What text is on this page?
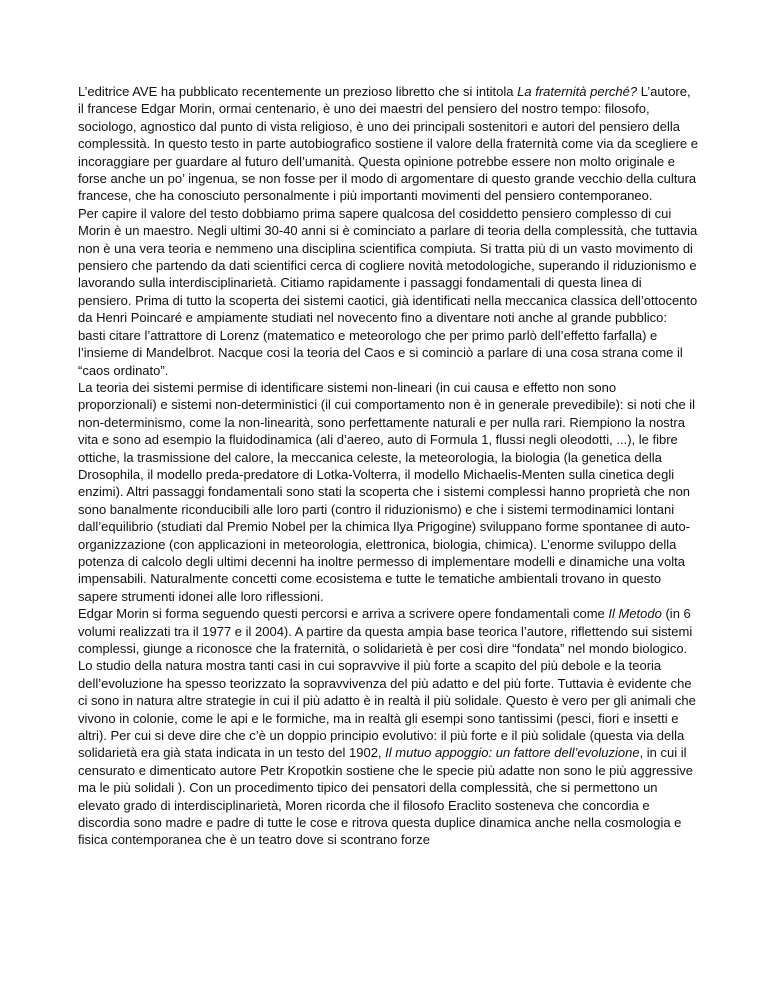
L’editrice AVE ha pubblicato recentemente un prezioso libretto che si intitola La fraternità perché? L’autore, il francese Edgar Morin, ormai centenario, è uno dei maestri del pensiero del nostro tempo: filosofo, sociologo, agnostico dal punto di vista religioso, è uno dei principali sostenitori e autori del pensiero della complessità. In questo testo in parte autobiografico sostiene il valore della fraternità come via da scegliere e incoraggiare per guardare al futuro dell’umanità. Questa opinione potrebbe essere non molto originale e forse anche un po’ ingenua, se non fosse per il modo di argomentare di questo grande vecchio della cultura francese, che ha conosciuto personalmente i più importanti movimenti del pensiero contemporaneo.

Per capire il valore del testo dobbiamo prima sapere qualcosa del cosiddetto pensiero complesso di cui Morin è un maestro. Negli ultimi 30-40 anni si è cominciato a parlare di teoria della complessità, che tuttavia non è una vera teoria e nemmeno una disciplina scientifica compiuta. Si tratta più di un vasto movimento di pensiero che partendo da dati scientifici cerca di cogliere novità metodologiche, superando il riduzionismo e lavorando sulla interdisciplinarietà. Citiamo rapidamente i passaggi fondamentali di questa linea di pensiero. Prima di tutto la scoperta dei sistemi caotici, già identificati nella meccanica classica dell’ottocento da Henri Poincaré e ampiamente studiati nel novecento fino a diventare noti anche al grande pubblico: basti citare l’attrattore di Lorenz (matematico e meteorologo che per primo parlò dell’effetto farfalla) e l’insieme di Mandelbrot. Nacque cosi la teoria del Caos e si cominciò a parlare di una cosa strana come il “caos ordinato”.

La teoria dei sistemi permise di identificare sistemi non-lineari (in cui causa e effetto non sono proporzionali) e sistemi non-deterministici (il cui comportamento non è in generale prevedibile): si noti che il non-determinismo, come la non-linearità, sono perfettamente naturali e per nulla rari. Riempiono la nostra vita e sono ad esempio la fluidodinamica (ali d’aereo, auto di Formula 1, flussi negli oleodotti, ...), le fibre ottiche, la trasmissione del calore, la meccanica celeste, la meteorologia, la biologia (la genetica della Drosophila, il modello preda-predatore di Lotka-Volterra, il modello Michaelis-Menten sulla cinetica degli enzimi). Altri passaggi fondamentali sono stati la scoperta che i sistemi complessi hanno proprietà che non sono banalmente riconducibili alle loro parti (contro il riduzionismo) e che i sistemi termodinamici lontani dall’equilibrio (studiati dal Premio Nobel per la chimica Ilya Prigogine) sviluppano forme spontanee di auto-organizzazione (con applicazioni in meteorologia, elettronica, biologia, chimica). L’enorme sviluppo della potenza di calcolo degli ultimi decenni ha inoltre permesso di implementare modelli e dinamiche una volta impensabili. Naturalmente concetti come ecosistema e tutte le tematiche ambientali trovano in questo sapere strumenti idonei alle loro riflessioni.

Edgar Morin si forma seguendo questi percorsi e arriva a scrivere opere fondamentali come Il Metodo (in 6 volumi realizzati tra il 1977 e il 2004). A partire da questa ampia base teorica l’autore, riflettendo sui sistemi complessi, giunge a riconosce che la fraternità, o solidarietà è per così dire “fondata” nel mondo biologico. Lo studio della natura mostra tanti casi in cui sopravvive il più forte a scapito del più debole e la teoria dell’evoluzione ha spesso teorizzato la sopravvivenza del più adatto e del più forte. Tuttavia è evidente che ci sono in natura altre strategie in cui il più adatto è in realtà il più solidale. Questo è vero per gli animali che vivono in colonie, come le api e le formiche, ma in realtà gli esempi sono tantissimi (pesci, fiori e insetti e altri). Per cui si deve dire che c’è un doppio principio evolutivo: il più forte e il più solidale (questa via della solidarietà era già stata indicata in un testo del 1902, Il mutuo appoggio: un fattore dell’evoluzione, in cui il censurato e dimenticato autore Petr Kropotkin sostiene che le specie più adatte non sono le più aggressive ma le più solidali ). Con un procedimento tipico dei pensatori della complessità, che si permettono un elevato grado di interdisciplinarietà, Moren ricorda che il filosofo Eraclito sosteneva che concordia e discordia sono madre e padre di tutte le cose e ritrova questa duplice dinamica anche nella cosmologia e fisica contemporanea che è un teatro dove si scontrano forze
